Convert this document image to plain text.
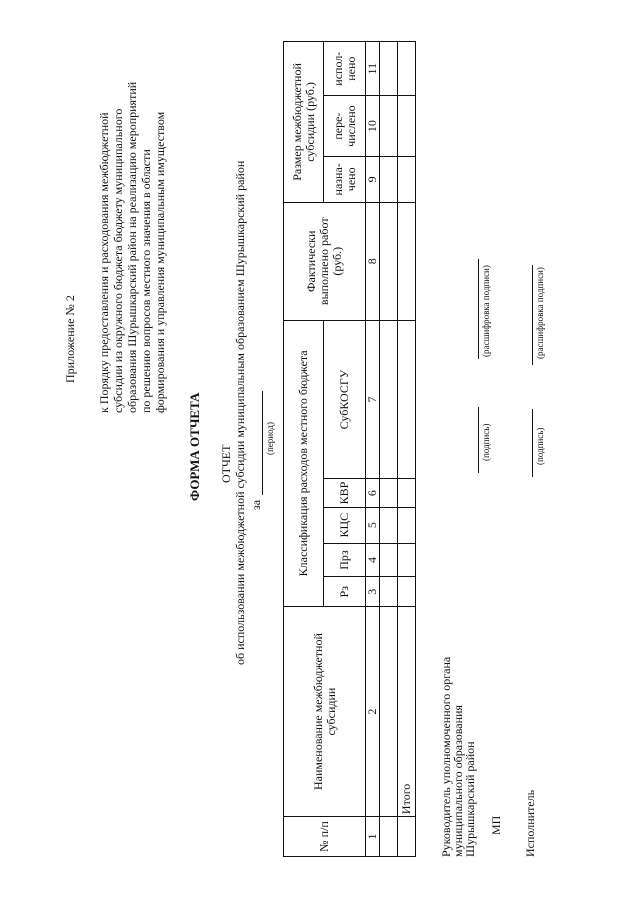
Приложение № 2 к Порядку предоставления и расходования межбюджетной субсидии из окружного бюджета бюджету муниципального образования Шурышкарский район на реализацию мероприятий по решению вопросов местного значения в области формирования и управления муниципальным имуществом
ФОРМА ОТЧЕТА ОТЧЕТ об использовании межбюджетной субсидии муниципальным образованием Шурышкарский район за
(период)
№ п/п	Наименование межбюджетной субсидии	Классификация расходов местного бюджета					Фактически выполнено работ (руб.)	Размер межбюджетной субсидии (руб.)		
		Рз	Прз	КЦС	КВР	СубКОСГУ		назна-чено	пере-числено	испол-нено
1	2	3	4	5	6	7	8	9	10	11

	Итого									Руководитель уполномоченного органа
муниципального образования
Шурышкарский район
(подпись)
(расшифровка подписи)
МП Исполнитель
(подпись)
(расшифровка подписи)
